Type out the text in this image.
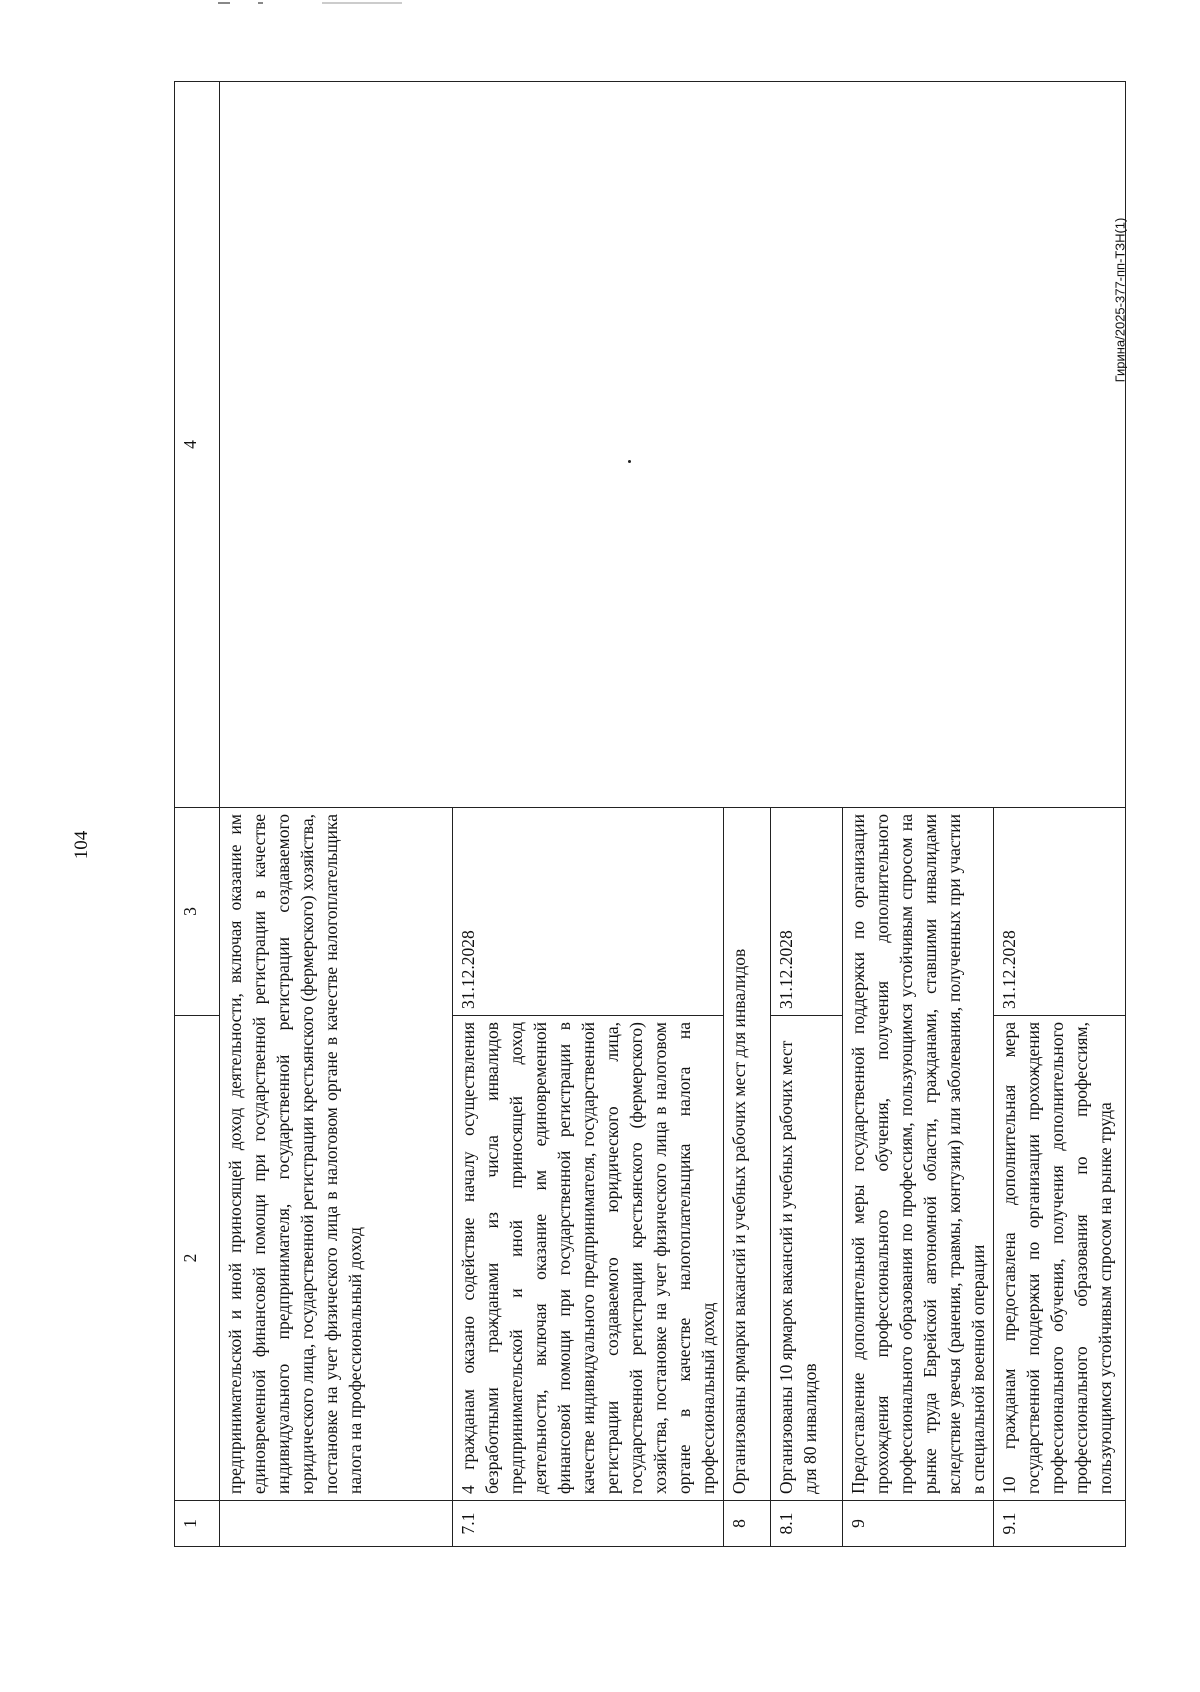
104
1	2	3	4
	предпринимательской и иной приносящей доход деятельности, включая оказание им единовременной финансовой помощи при государственной регистрации в качестве индивидуального предпринимателя, государственной регистрации создаваемого юридического лица, государственной регистрации крестьянского (фермерского) хозяйства, постановке на учет физического лица в налоговом органе в качестве налогоплательщика налога на профессиональный доход		
7.1	4 гражданам оказано содействие началу осуществления безработными гражданами из числа инвалидов предпринимательской и иной приносящей доход деятельности, включая оказание им единовременной финансовой помощи при государственной регистрации в качестве индивидуального предпринимателя, государственной регистрации создаваемого юридического лица, государственной регистрации крестьянского (фермерского) хозяйства, постановке на учет физического лица в налоговом органе в качестве налогоплательщика налога на профессиональный доход	31.12.2028	
8	Организованы ярмарки вакансий и учебных рабочих мест для инвалидов		
8.1	Организованы 10 ярмарок вакансий и учебных рабочих мест для 80 инвалидов	31.12.2028	
9	Предоставление дополнительной меры государственной поддержки по организации прохождения профессионального обучения, получения дополнительного профессионального образования по профессиям, пользующимся устойчивым спросом на рынке труда Еврейской автономной области, гражданами, ставшими инвалидами вследствие увечья (ранения, травмы, контузии) или заболевания, полученных при участии в специальной военной операции		
9.1	10 гражданам предоставлена дополнительная мера государственной поддержки по организации прохождения профессионального обучения, получения дополнительного профессионального образования по профессиям, пользующимся устойчивым спросом на рынке труда	31.12.2028	
Гирина/2025-377-пп-ТЗН(1)
